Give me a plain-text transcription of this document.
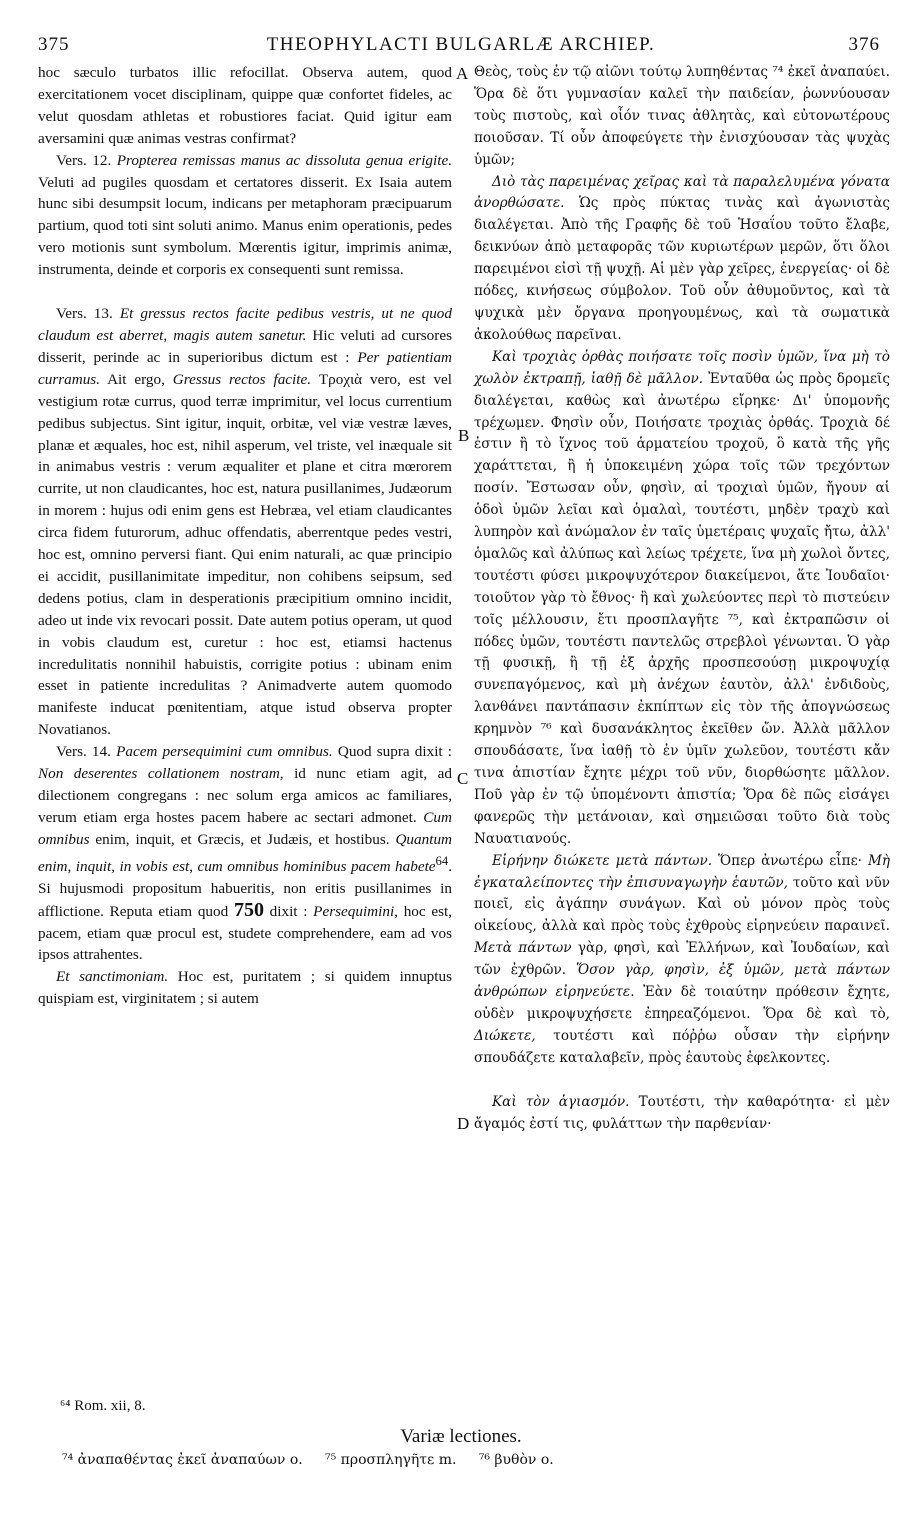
375	THEOPHYLACTI BULGARLÆ ARCHIEP.	376
A
B
C
D

hoc sæculo turbatos illic refocillat. Observa autem, quod exercitationem vocet disciplinam, quippe quæ confortet fideles, ac velut quosdam athletas et robustiores faciat. Quid igitur eam aversamini quæ animas vestras confirmat?

Vers. 12. Propterea remissas manus ac dissoluta genua erigite. Veluti ad pugiles quosdam et certatores disserit. Ex Isaia autem hunc sibi desumpsit locum, indicans per metaphoram præcipuarum partium, quod toti sint soluti animo. Manus enim operationis, pedes vero motionis sunt symbolum. Mœrentis igitur, imprimis animæ, instrumenta, deinde et corporis ex consequenti sunt remissa.

Vers. 13. Et gressus rectos facite pedibus vestris, ut ne quod claudum est aberret, magis autem sanetur. Hic veluti ad cursores disserit, perinde ac in superioribus dictum est : Per patientiam curramus. Ait ergo, Gressus rectos facite. Τροχιὰ vero, est vel vestigium rotæ currus, quod terræ imprimitur, vel locus currentium pedibus subjectus. Sint igitur, inquit, orbitæ, vel viæ vestræ læves, planæ et æquales, hoc est, nihil asperum, vel triste, vel inæquale sit in animabus vestris : verum æqualiter et plane et citra mœrorem currite, ut non claudicantes, hoc est, natura pusillanimes, Judæorum in morem : hujus odi enim gens est Hebræa, vel etiam claudicantes circa fidem futurorum, adhuc offendatis, aberrentque pedes vestri, hoc est, omnino perversi fiant. Qui enim naturali, ac quæ principio ei accidit, pusillanimitate impeditur, non cohibens seipsum, sed dedens potius, clam in desperationis præcipitium omnino incidit, adeo ut inde vix revocari possit. Date autem potius operam, ut quod in vobis claudum est, curetur : hoc est, etiamsi hactenus incredulitatis nonnihil habuistis, corrigite potius : ubinam enim esset in patiente incredulitas ? Animadverte autem quomodo manifeste inducat pœnitentiam, atque istud observa propter Novatianos.

Vers. 14. Pacem persequimini cum omnibus. Quod supra dixit : Non deserentes collationem nostram, id nunc etiam agit, ad dilectionem congregans : nec solum erga amicos ac familiares, verum etiam erga hostes pacem habere ac sectari admonet. Cum omnibus enim, inquit, et Græcis, et Judæis, et hostibus. Quantum enim, inquit, in vobis est, cum omnibus hominibus pacem habete$^{64}$. Si hujusmodi propositum habueritis, non eritis pusillanimes in afflictione. Reputa etiam quod 750 dixit : Persequimini, hoc est, pacem, etiam quæ procul est, studete comprehendere, eam ad vos ipsos attrahentes.

Et sanctimoniam. Hoc est, puritatem ; si quidem innuptus quispiam est, virginitatem ; si autem

Θεὸς, τοὺς ἐν τῷ αἰῶνι τούτῳ λυπηθέντας ⁷⁴ ἐκεῖ ἀναπαύει. Ὅρα δὲ ὅτι γυμνασίαν καλεῖ τὴν παιδείαν, ῥωννύουσαν τοὺς πιστοὺς, καὶ οἷόν τινας ἀθλητὰς, καὶ εὐτονωτέρους ποιοῦσαν. Τί οὖν ἀποφεύγετε τὴν ἐνισχύουσαν τὰς ψυχὰς ὑμῶν;

Διὸ τὰς παρειμένας χεῖρας καὶ τὰ παραλελυμένα γόνατα ἀνορθώσατε. Ὡς πρὸς πύκτας τινὰς καὶ ἀγωνιστὰς διαλέγεται. Ἀπὸ τῆς Γραφῆς δὲ τοῦ Ἡσαΐου τοῦτο ἔλαβε, δεικνύων ἀπὸ μεταφορᾶς τῶν κυριωτέρων μερῶν, ὅτι ὅλοι παρειμένοι εἰσὶ τῇ ψυχῇ. Αἱ μὲν γὰρ χεῖρες, ἐνεργείας· οἱ δὲ πόδες, κινήσεως σύμβολον. Τοῦ οὖν ἀθυμοῦντος, καὶ τὰ ψυχικὰ μὲν ὄργανα προηγουμένως, καὶ τὰ σωματικὰ ἀκολούθως παρεῖναι.

Καὶ τροχιὰς ὀρθὰς ποιήσατε τοῖς ποσὶν ὑμῶν, ἵνα μὴ τὸ χωλὸν ἐκτραπῇ, ἰαθῇ δὲ μᾶλλον. Ἐνταῦθα ὡς πρὸς δρομεῖς διαλέγεται, καθὼς καὶ ἀνωτέρω εἴρηκε· Δι' ὑπομονῆς τρέχωμεν. Φησὶν οὖν, Ποιήσατε τροχιὰς ὀρθάς. Τροχιὰ δέ ἐστιν ἢ τὸ ἴχνος τοῦ ἁρματείου τροχοῦ, ὃ κατὰ τῆς γῆς χαράττεται, ἢ ἡ ὑποκειμένη χώρα τοῖς τῶν τρεχόντων ποσίν. Ἔστωσαν οὖν, φησὶν, αἱ τροχιαὶ ὑμῶν, ἤγουν αἱ ὁδοὶ ὑμῶν λεῖαι καὶ ὁμαλαὶ, τουτέστι, μηδὲν τραχὺ καὶ λυπηρὸν καὶ ἀνώμαλον ἐν ταῖς ὑμετέραις ψυχαῖς ἤτω, ἀλλ' ὁμαλῶς καὶ ἀλύπως καὶ λείως τρέχετε, ἵνα μὴ χωλοὶ ὄντες, τουτέστι φύσει μικροψυχότερον διακείμενοι, ἅτε Ἰουδαῖοι· τοιοῦτον γὰρ τὸ ἔθνος· ἢ καὶ χωλεύοντες περὶ τὸ πιστεύειν τοῖς μέλλουσιν, ἔτι προσπλαγῆτε ⁷⁵, καὶ ἐκτραπῶσιν οἱ πόδες ὑμῶν, τουτέστι παντελῶς στρεβλοὶ γένωνται. Ὁ γὰρ τῇ φυσικῇ, ἢ τῇ ἐξ ἀρχῆς προσπεσούσῃ μικροψυχίᾳ συνεπαγόμενος, καὶ μὴ ἀνέχων ἑαυτὸν, ἀλλ' ἐνδιδοὺς, λανθάνει παντάπασιν ἐκπίπτων εἰς τὸν τῆς ἀπογνώσεως κρημνὸν ⁷⁶ καὶ δυσανάκλητος ἐκεῖθεν ὤν. Ἀλλὰ μᾶλλον σπουδάσατε, ἵνα ἰαθῇ τὸ ἐν ὑμῖν χωλεῦον, τουτέστι κἄν τινα ἀπιστίαν ἔχητε μέχρι τοῦ νῦν, διορθώσητε μᾶλλον. Ποῦ γὰρ ἐν τῷ ὑπομένοντι ἀπιστία; Ὅρα δὲ πῶς εἰσάγει φανερῶς τὴν μετάνοιαν, καὶ σημειῶσαι τοῦτο διὰ τοὺς Ναυατιανούς.

Εἰρήνην διώκετε μετὰ πάντων. Ὅπερ ἀνωτέρω εἶπε· Μὴ ἐγκαταλείποντες τὴν ἐπισυναγωγὴν ἑαυτῶν, τοῦτο καὶ νῦν ποιεῖ, εἰς ἀγάπην συνάγων. Καὶ οὐ μόνον πρὸς τοὺς οἰκείους, ἀλλὰ καὶ πρὸς τοὺς ἐχθροὺς εἰρηνεύειν παραινεῖ. Μετὰ πάντων γὰρ, φησὶ, καὶ Ἑλλήνων, καὶ Ἰουδαίων, καὶ τῶν ἐχθρῶν. Ὅσον γὰρ, φησὶν, ἐξ ὑμῶν, μετὰ πάντων ἀνθρώπων εἰρηνεύετε. Ἐὰν δὲ τοιαύτην πρόθεσιν ἔχητε, οὐδὲν μικροψυχήσετε ἐπηρεαζόμενοι. Ὅρα δὲ καὶ τὸ, Διώκετε, τουτέστι καὶ πόῤῥω οὖσαν τὴν εἰρήνην σπουδάζετε καταλαβεῖν, πρὸς ἑαυτοὺς ἐφελκοντες.

Καὶ τὸν ἁγιασμόν. Τουτέστι, τὴν καθαρότητα· εἰ μὲν ἄγαμός ἐστί τις, φυλάττων τὴν παρθενίαν·

⁶⁴ Rom. xii, 8.
Variæ lectiones.
⁷⁴ ἀναπαθέντας ἐκεῖ ἀναπαύων ο. ⁷⁵ προσπληγῆτε m. ⁷⁶ βυθὸν ο.
